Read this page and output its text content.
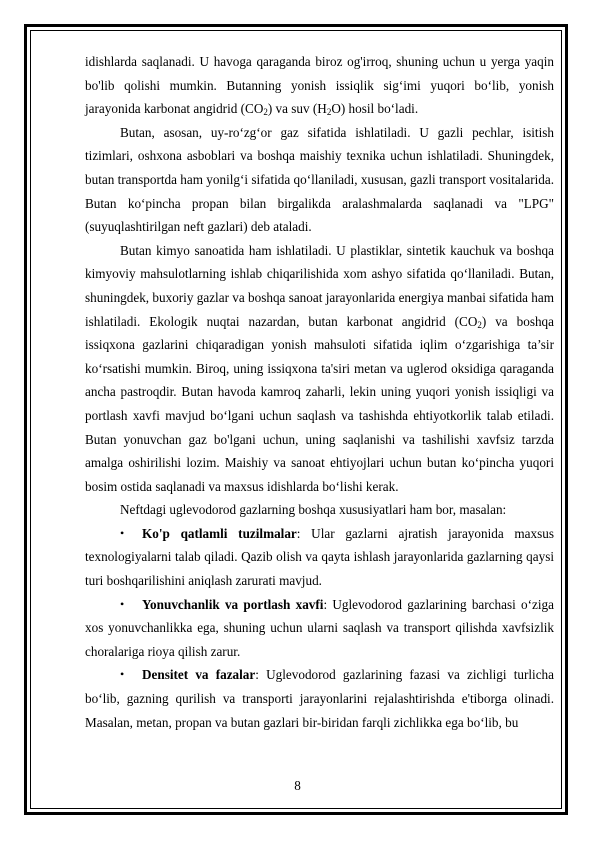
idishlarda saqlanadi. U havoga qaraganda biroz og'irroq, shuning uchun u yerga yaqin bo'lib qolishi mumkin. Butanning yonish issiqlik sig‘imi yuqori bo‘lib, yonish jarayonida karbonat angidrid $(CO_2)$ va suv $(H_2O)$ hosil bo‘ladi.

Butan, asosan, uy-ro‘zg‘or gaz sifatida ishlatiladi. U gazli pechlar, isitish tizimlari, oshxona asboblari va boshqa maishiy texnika uchun ishlatiladi. Shuningdek, butan transportda ham yonilg‘i sifatida qo‘llaniladi, xususan, gazli transport vositalarida. Butan ko‘pincha propan bilan birgalikda aralashmalarda saqlanadi va "LPG" (suyuqlashtirilgan neft gazlari) deb ataladi.

Butan kimyo sanoatida ham ishlatiladi. U plastiklar, sintetik kauchuk va boshqa kimyoviy mahsulotlarning ishlab chiqarilishida xom ashyo sifatida qo‘llaniladi. Butan, shuningdek, buxoriy gazlar va boshqa sanoat jarayonlarida energiya manbai sifatida ham ishlatiladi. Ekologik nuqtai nazardan, butan karbonat angidrid $(CO_2)$ va boshqa issiqxona gazlarini chiqaradigan yonish mahsuloti sifatida iqlim o‘zgarishiga ta’sir ko‘rsatishi mumkin. Biroq, uning issiqxona ta'siri metan va uglerod oksidiga qaraganda ancha pastroqdir. Butan havoda kamroq zaharli, lekin uning yuqori yonish issiqligi va portlash xavfi mavjud bo‘lgani uchun saqlash va tashishda ehtiyotkorlik talab etiladi. Butan yonuvchan gaz bo'lgani uchun, uning saqlanishi va tashilishi xavfsiz tarzda amalga oshirilishi lozim. Maishiy va sanoat ehtiyojlari uchun butan ko‘pincha yuqori bosim ostida saqlanadi va maxsus idishlarda bo‘lishi kerak.

Neftdagi uglevodorod gazlarning boshqa xususiyatlari ham bor, masalan:

• Ko'p qatlamli tuzilmalar: Ular gazlarni ajratish jarayonida maxsus texnologiyalarni talab qiladi. Qazib olish va qayta ishlash jarayonlarida gazlarning qaysi turi boshqarilishini aniqlash zarurati mavjud.

• Yonuvchanlik va portlash xavfi: Uglevodorod gazlarining barchasi o‘ziga xos yonuvchanlikka ega, shuning uchun ularni saqlash va transport qilishda xavfsizlik choralariga rioya qilish zarur.

• Densitet va fazalar: Uglevodorod gazlarining fazasi va zichligi turlicha bo‘lib, gazning qurilish va transporti jarayonlarini rejalashtirishda e'tiborga olinadi. Masalan, metan, propan va butan gazlari bir-biridan farqli zichlikka ega bo‘lib, bu

8
